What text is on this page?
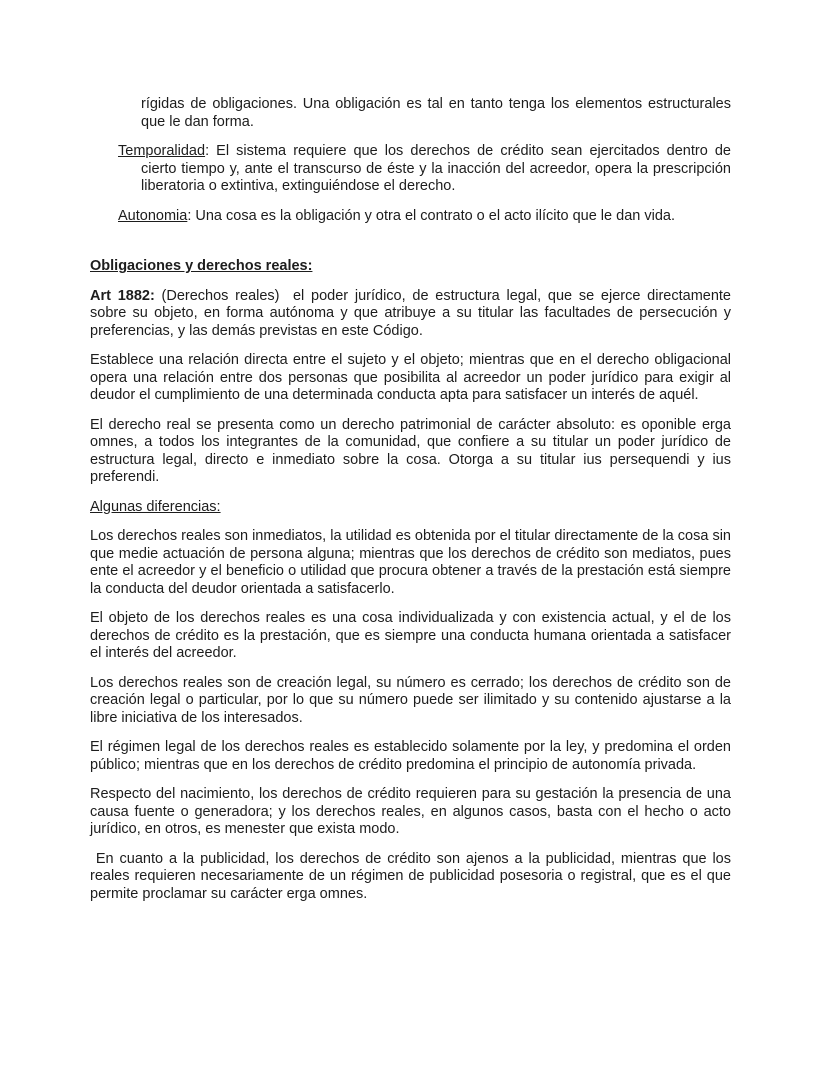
rígidas de obligaciones. Una obligación es tal en tanto tenga los elementos estructurales que le dan forma.

Temporalidad: El sistema requiere que los derechos de crédito sean ejercitados dentro de cierto tiempo y, ante el transcurso de éste y la inacción del acreedor, opera la prescripción liberatoria o extintiva, extinguiéndose el derecho.

Autonomia: Una cosa es la obligación y otra el contrato o el acto ilícito que le dan vida.

Obligaciones y derechos reales:

Art 1882: (Derechos reales)  el poder jurídico, de estructura legal, que se ejerce directamente sobre su objeto, en forma autónoma y que atribuye a su titular las facultades de persecución y preferencias, y las demás previstas en este Código.

Establece una relación directa entre el sujeto y el objeto; mientras que en el derecho obligacional opera una relación entre dos personas que posibilita al acreedor un poder jurídico para exigir al deudor el cumplimiento de una determinada conducta apta para satisfacer un interés de aquél.

El derecho real se presenta como un derecho patrimonial de carácter absoluto: es oponible erga omnes, a todos los integrantes de la comunidad, que confiere a su titular un poder jurídico de estructura legal, directo e inmediato sobre la cosa. Otorga a su titular ius persequendi y ius preferendi.

Algunas diferencias:

Los derechos reales son inmediatos, la utilidad es obtenida por el titular directamente de la cosa sin que medie actuación de persona alguna; mientras que los derechos de crédito son mediatos, pues ente el acreedor y el beneficio o utilidad que procura obtener a través de la prestación está siempre la conducta del deudor orientada a satisfacerlo.

El objeto de los derechos reales es una cosa individualizada y con existencia actual, y el de los derechos de crédito es la prestación, que es siempre una conducta humana orientada a satisfacer el interés del acreedor.

Los derechos reales son de creación legal, su número es cerrado; los derechos de crédito son de creación legal o particular, por lo que su número puede ser ilimitado y su contenido ajustarse a la libre iniciativa de los interesados.

El régimen legal de los derechos reales es establecido solamente por la ley, y predomina el orden público; mientras que en los derechos de crédito predomina el principio de autonomía privada.

Respecto del nacimiento, los derechos de crédito requieren para su gestación la presencia de una causa fuente o generadora; y los derechos reales, en algunos casos, basta con el hecho o acto jurídico, en otros, es menester que exista modo.

En cuanto a la publicidad, los derechos de crédito son ajenos a la publicidad, mientras que los reales requieren necesariamente de un régimen de publicidad posesoria o registral, que es el que permite proclamar su carácter erga omnes.
